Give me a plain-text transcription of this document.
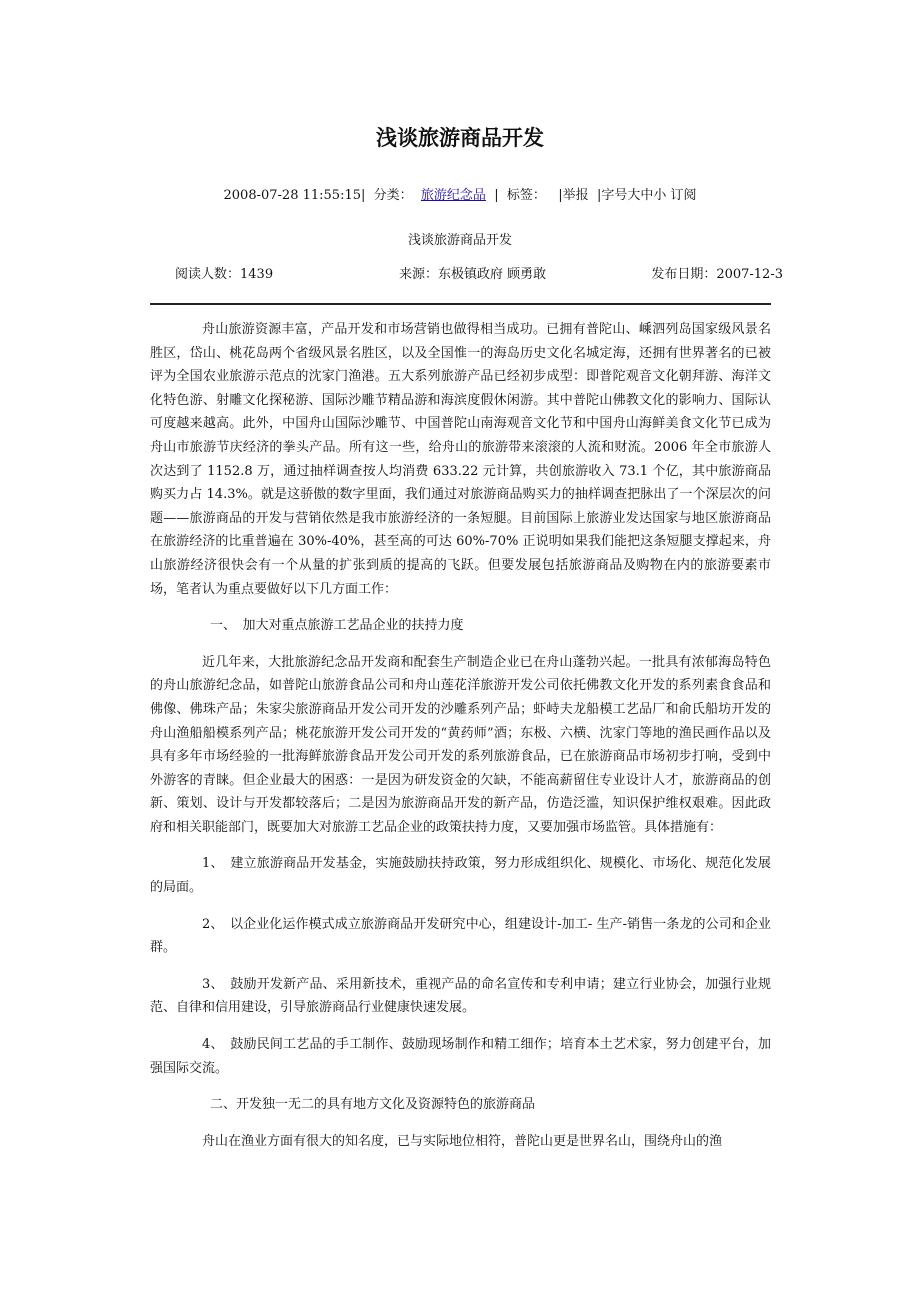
浅谈旅游商品开发
2008-07-28 11:55:15| 分类： 旅游纪念品 | 标签： |举报 |字号大中小 订阅
浅谈旅游商品开发
阅读人数：1439	来源：东极镇政府 顾勇敢	发布日期：2007-12-3

舟山旅游资源丰富，产品开发和市场营销也做得相当成功。已拥有普陀山、嵊泗列岛国家级风景名胜区，岱山、桃花岛两个省级风景名胜区，以及全国惟一的海岛历史文化名城定海，还拥有世界著名的已被评为全国农业旅游示范点的沈家门渔港。五大系列旅游产品已经初步成型：即普陀观音文化朝拜游、海洋文化特色游、射雕文化探秘游、国际沙雕节精品游和海滨度假休闲游。其中普陀山佛教文化的影响力、国际认可度越来越高。此外，中国舟山国际沙雕节、中国普陀山南海观音文化节和中国舟山海鲜美食文化节已成为舟山市旅游节庆经济的拳头产品。所有这一些，给舟山的旅游带来滚滚的人流和财流。2006 年全市旅游人次达到了 1152.8 万，通过抽样调查按人均消费 633.22 元计算，共创旅游收入 73.1 个亿，其中旅游商品购买力占 14.3%。就是这骄傲的数字里面，我们通过对旅游商品购买力的抽样调查把脉出了一个深层次的问题——旅游商品的开发与营销依然是我市旅游经济的一条短腿。目前国际上旅游业发达国家与地区旅游商品在旅游经济的比重普遍在 30%-40%，甚至高的可达 60%-70% 正说明如果我们能把这条短腿支撑起来，舟山旅游经济很快会有一个从量的扩张到质的提高的飞跃。但要发展包括旅游商品及购物在内的旅游要素市场，笔者认为重点要做好以下几方面工作：

一、　加大对重点旅游工艺品企业的扶持力度

近几年来，大批旅游纪念品开发商和配套生产制造企业已在舟山蓬勃兴起。一批具有浓郁海岛特色的舟山旅游纪念品，如普陀山旅游食品公司和舟山莲花洋旅游开发公司依托佛教文化开发的系列素食食品和佛像、佛珠产品；朱家尖旅游商品开发公司开发的沙雕系列产品；虾峙夫龙船模工艺品厂和俞氏船坊开发的舟山渔船船模系列产品；桃花旅游开发公司开发的“黄药师”酒；东极、六横、沈家门等地的渔民画作品以及具有多年市场经验的一批海鲜旅游食品开发公司开发的系列旅游食品，已在旅游商品市场初步打响，受到中外游客的青睐。但企业最大的困惑：一是因为研发资金的欠缺，不能高薪留住专业设计人才，旅游商品的创新、策划、设计与开发都较落后；二是因为旅游商品开发的新产品，仿造泛滥，知识保护维权艰难。因此政府和相关职能部门，既要加大对旅游工艺品企业的政策扶持力度，又要加强市场监管。具体措施有：

1、　建立旅游商品开发基金，实施鼓励扶持政策，努力形成组织化、规模化、市场化、规范化发展的局面。

2、　以企业化运作模式成立旅游商品开发研究中心，组建设计-加工- 生产-销售一条龙的公司和企业群。

3、　鼓励开发新产品、采用新技术，重视产品的命名宣传和专利申请；建立行业协会，加强行业规范、自律和信用建设，引导旅游商品行业健康快速发展。

4、　鼓励民间工艺品的手工制作、鼓励现场制作和精工细作；培育本土艺术家，努力创建平台，加强国际交流。

二、开发独一无二的具有地方文化及资源特色的旅游商品

舟山在渔业方面有很大的知名度，已与实际地位相符，普陀山更是世界名山，围绕舟山的渔
